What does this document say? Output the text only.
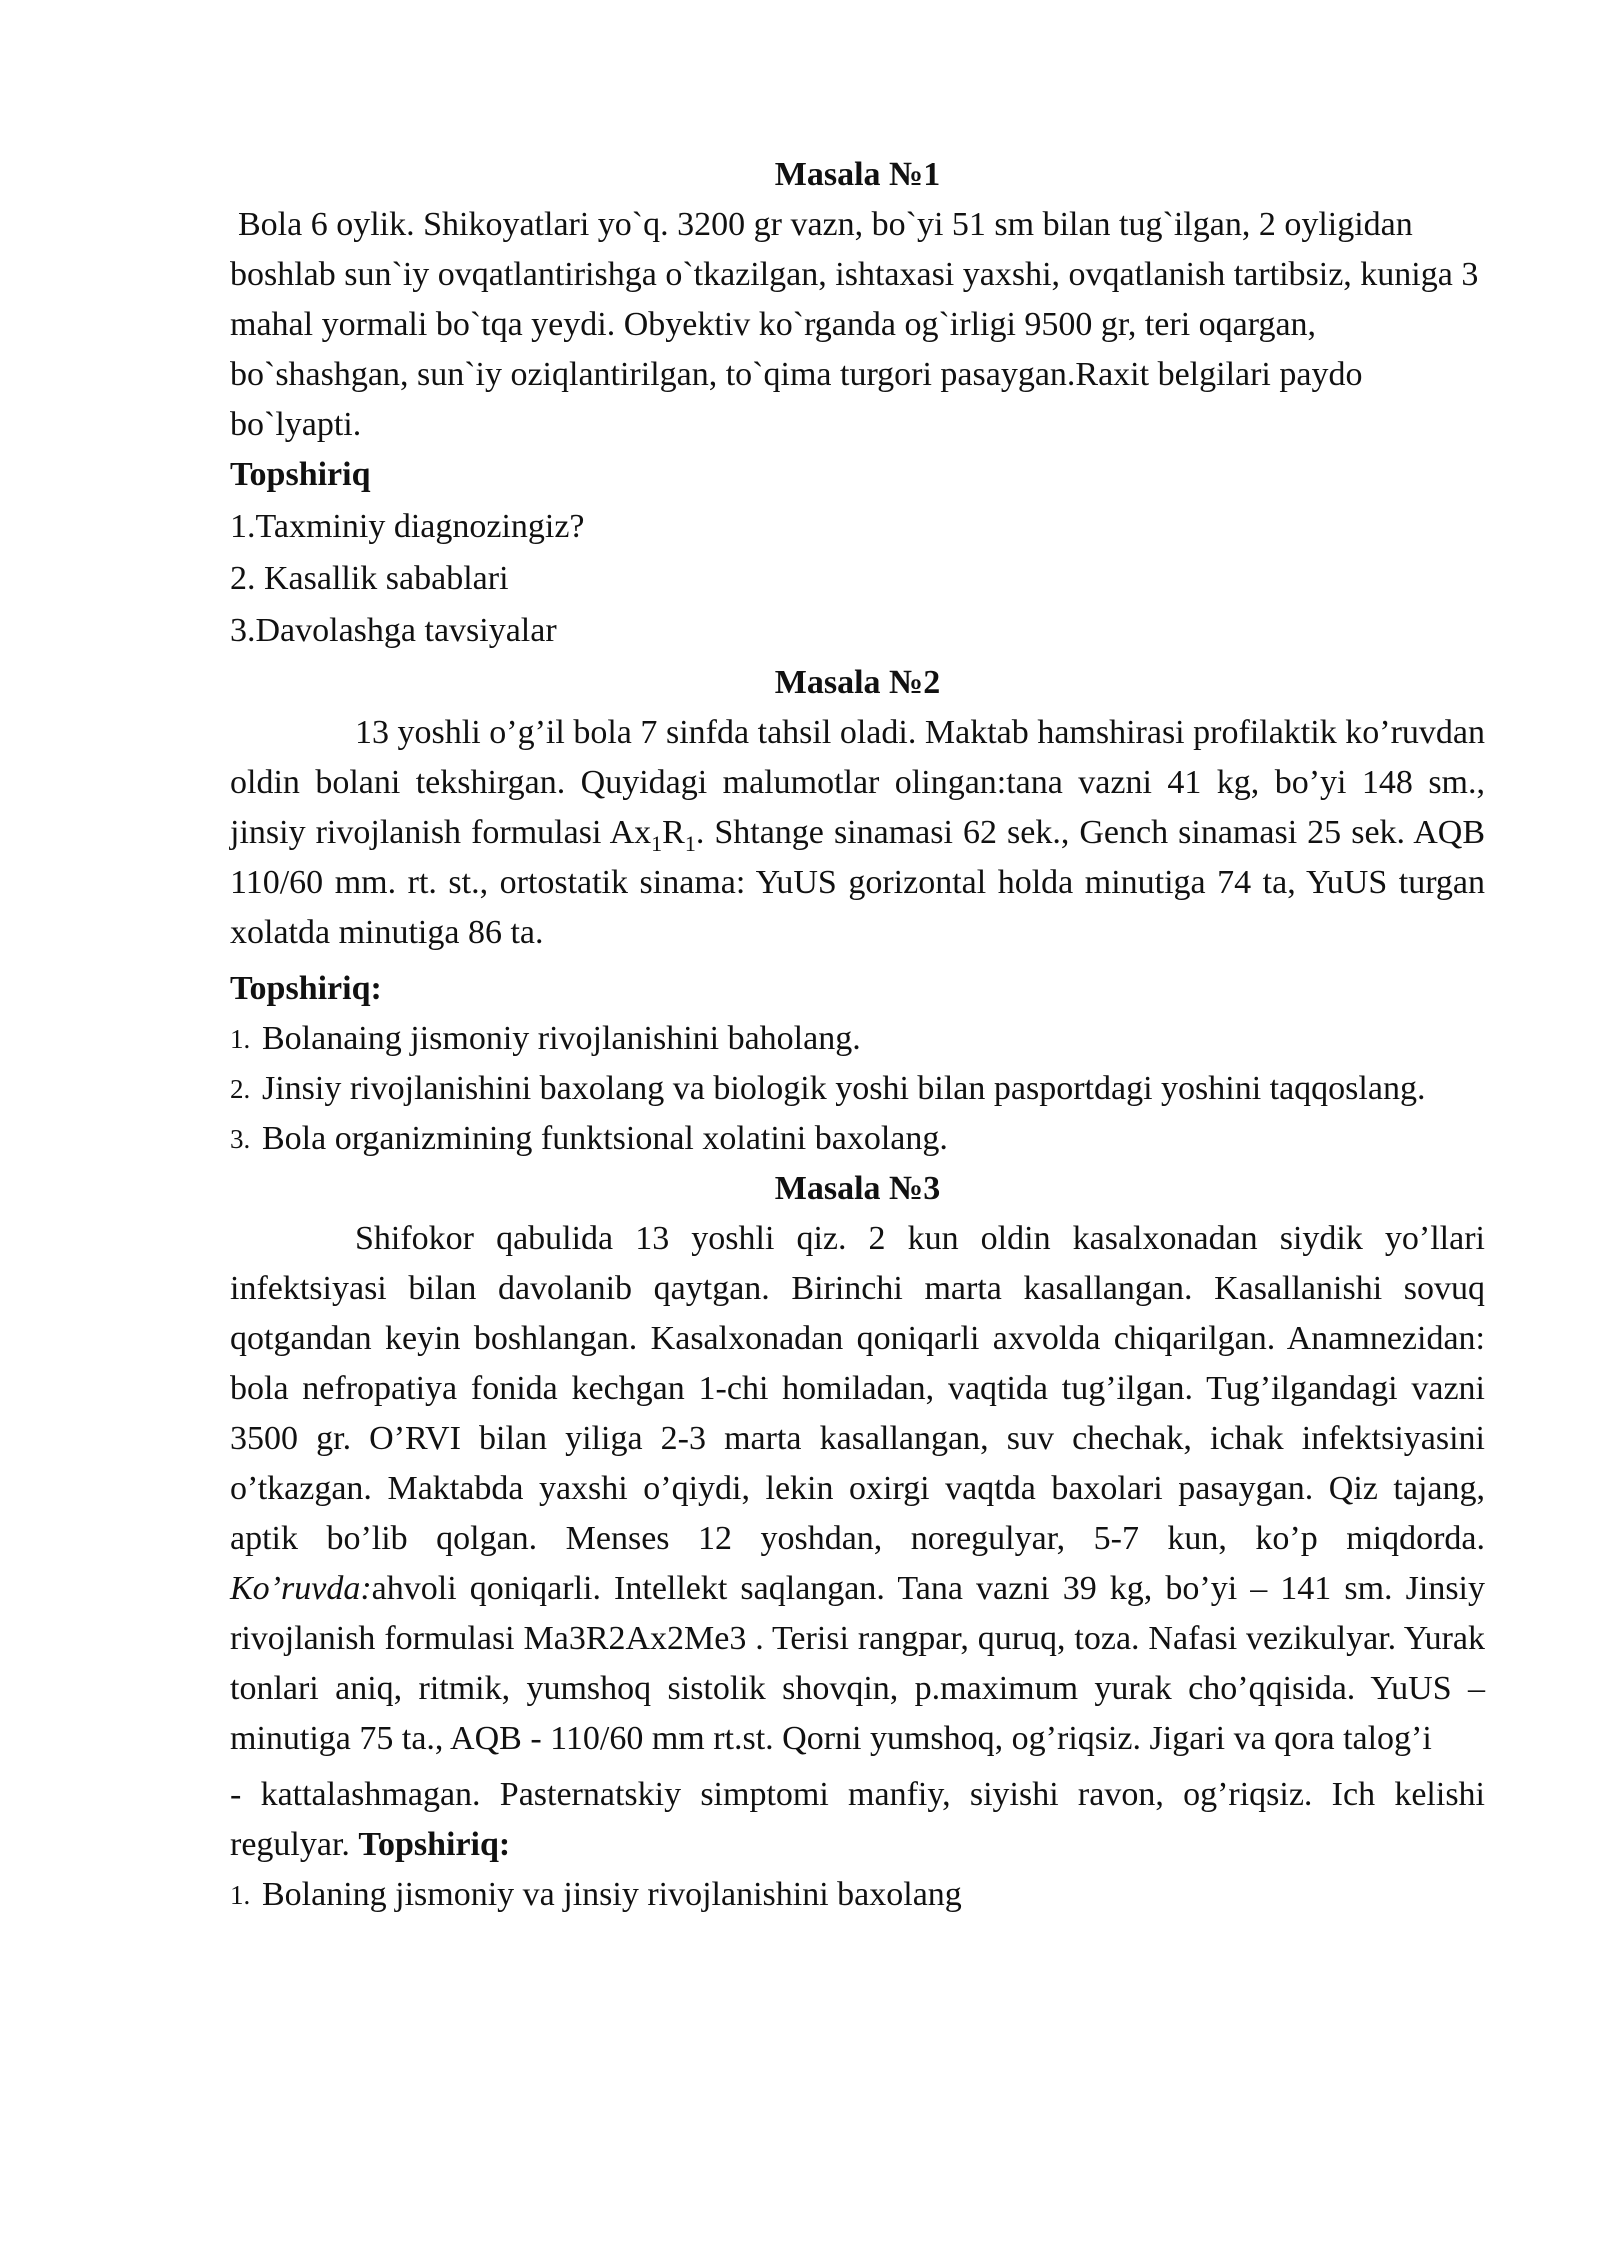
Masala №1

Bola 6 oylik. Shikoyatlari yo`q. 3200 gr vazn, bo`yi 51 sm bilan tug`ilgan, 2 oyligidan boshlab sun`iy ovqatlantirishga o`tkazilgan, ishtaxasi yaxshi, ovqatlanish tartibsiz, kuniga 3 mahal yormali bo`tqa yeydi. Obyektiv ko`rganda og`irligi 9500 gr, teri oqargan, bo`shashgan, sun`iy oziqlantirilgan, to`qima turgori pasaygan.Raxit belgilari paydo bo`lyapti.

Topshiriq

1.Taxminiy diagnozingiz?
2. Kasallik sabablari
3.Davolashga tavsiyalar

Masala №2

13 yoshli o’g’il bola 7 sinfda tahsil oladi. Maktab hamshirasi profilaktik ko’ruvdan oldin bolani tekshirgan. Quyidagi malumotlar olingan:tana vazni 41 kg, bo’yi 148 sm., jinsiy rivojlanish formulasi $Ax_1R_1$. Shtange sinamasi 62 sek., Gench sinamasi 25 sek. AQB 110/60 mm. rt. st., ortostatik sinama: YuUS gorizontal holda minutiga 74 ta, YuUS turgan xolatda minutiga 86 ta.

Topshiriq:

1. Bolanaing jismoniy rivojlanishini baholang.
2. Jinsiy rivojlanishini baxolang va biologik yoshi bilan pasportdagi yoshini taqqoslang.
3. Bola organizmining funktsional xolatini baxolang.

Masala №3

Shifokor qabulida 13 yoshli qiz. 2 kun oldin kasalxonadan siydik yo’llari infektsiyasi bilan davolanib qaytgan. Birinchi marta kasallangan. Kasallanishi sovuq qotgandan keyin boshlangan. Kasalxonadan qoniqarli axvolda chiqarilgan. Anamnezidan: bola nefropatiya fonida kechgan 1-chi homiladan, vaqtida tug’ilgan. Tug’ilgandagi vazni 3500 gr. O’RVI bilan yiliga 2-3 marta kasallangan, suv chechak, ichak infektsiyasini o’tkazgan. Maktabda yaxshi o’qiydi, lekin oxirgi vaqtda baxolari pasaygan. Qiz tajang, aptik bo’lib qolgan. Menses 12 yoshdan, noregulyar, 5-7 kun, ko’p miqdorda. Ko’ruvda:ahvoli qoniqarli. Intellekt saqlangan. Tana vazni 39 kg, bo’yi – 141 sm. Jinsiy rivojlanish formulasi Ma3R2Ax2Me3 . Terisi rangpar, quruq, toza. Nafasi vezikulyar. Yurak tonlari aniq, ritmik, yumshoq sistolik shovqin, p.maximum yurak cho’qqisida. YuUS – minutiga 75 ta., AQB - 110/60 mm rt.st. Qorni yumshoq, og’riqsiz. Jigari va qora talog’i

- kattalashmagan. Pasternatskiy simptomi manfiy, siyishi ravon, og’riqsiz. Ich kelishi regulyar. Topshiriq:

1. Bolaning jismoniy va jinsiy rivojlanishini baxolang
